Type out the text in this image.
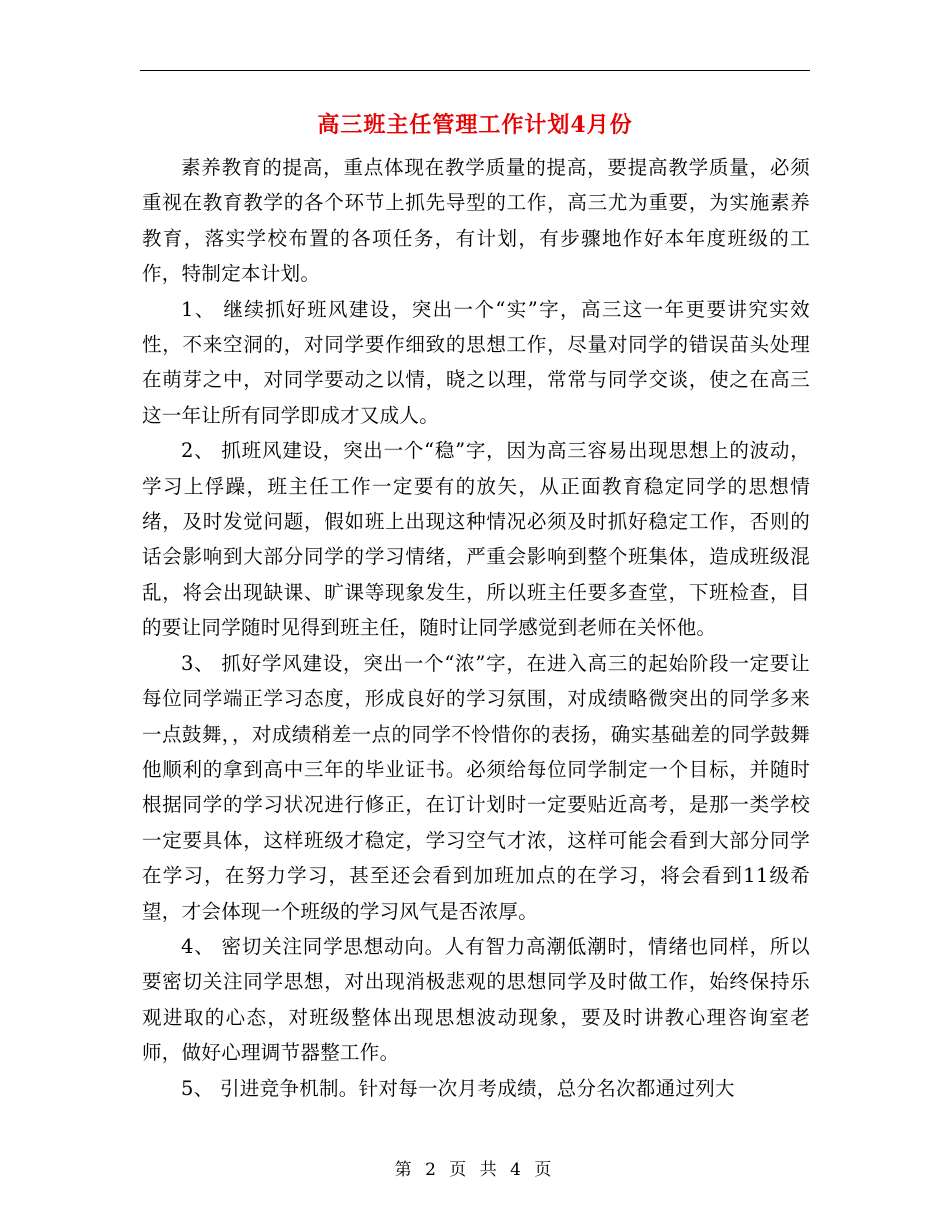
高三班主任管理工作计划4月份

素养教育的提高，重点体现在教学质量的提高，要提高教学质量，必须重视在教育教学的各个环节上抓先导型的工作，高三尤为重要，为实施素养教育，落实学校布置的各项任务，有计划，有步骤地作好本年度班级的工作，特制定本计划。

1、 继续抓好班风建设，突出一个“实”字，高三这一年更要讲究实效性，不来空洞的，对同学要作细致的思想工作，尽量对同学的错误苗头处理在萌芽之中，对同学要动之以情，晓之以理，常常与同学交谈，使之在高三这一年让所有同学即成才又成人。

2、 抓班风建设，突出一个“稳”字，因为高三容易出现思想上的波动，学习上俘躁，班主任工作一定要有的放矢，从正面教育稳定同学的思想情绪，及时发觉问题，假如班上出现这种情况必须及时抓好稳定工作，否则的话会影响到大部分同学的学习情绪，严重会影响到整个班集体，造成班级混乱，将会出现缺课、旷课等现象发生，所以班主任要多查堂，下班检查，目的要让同学随时见得到班主任，随时让同学感觉到老师在关怀他。

3、 抓好学风建设，突出一个“浓”字，在进入高三的起始阶段一定要让每位同学端正学习态度，形成良好的学习氛围，对成绩略微突出的同学多来一点鼓舞，，对成绩稍差一点的同学不怜惜你的表扬，确实基础差的同学鼓舞他顺利的拿到高中三年的毕业证书。必须给每位同学制定一个目标，并随时根据同学的学习状况进行修正，在订计划时一定要贴近高考，是那一类学校一定要具体，这样班级才稳定，学习空气才浓，这样可能会看到大部分同学在学习，在努力学习，甚至还会看到加班加点的在学习，将会看到11级希望，才会体现一个班级的学习风气是否浓厚。

4、 密切关注同学思想动向。人有智力高潮低潮时，情绪也同样，所以要密切关注同学思想，对出现消极悲观的思想同学及时做工作，始终保持乐观进取的心态，对班级整体出现思想波动现象，要及时讲教心理咨询室老师，做好心理调节器整工作。

5、 引进竞争机制。针对每一次月考成绩，总分名次都通过列大

第 2 页 共 4 页
